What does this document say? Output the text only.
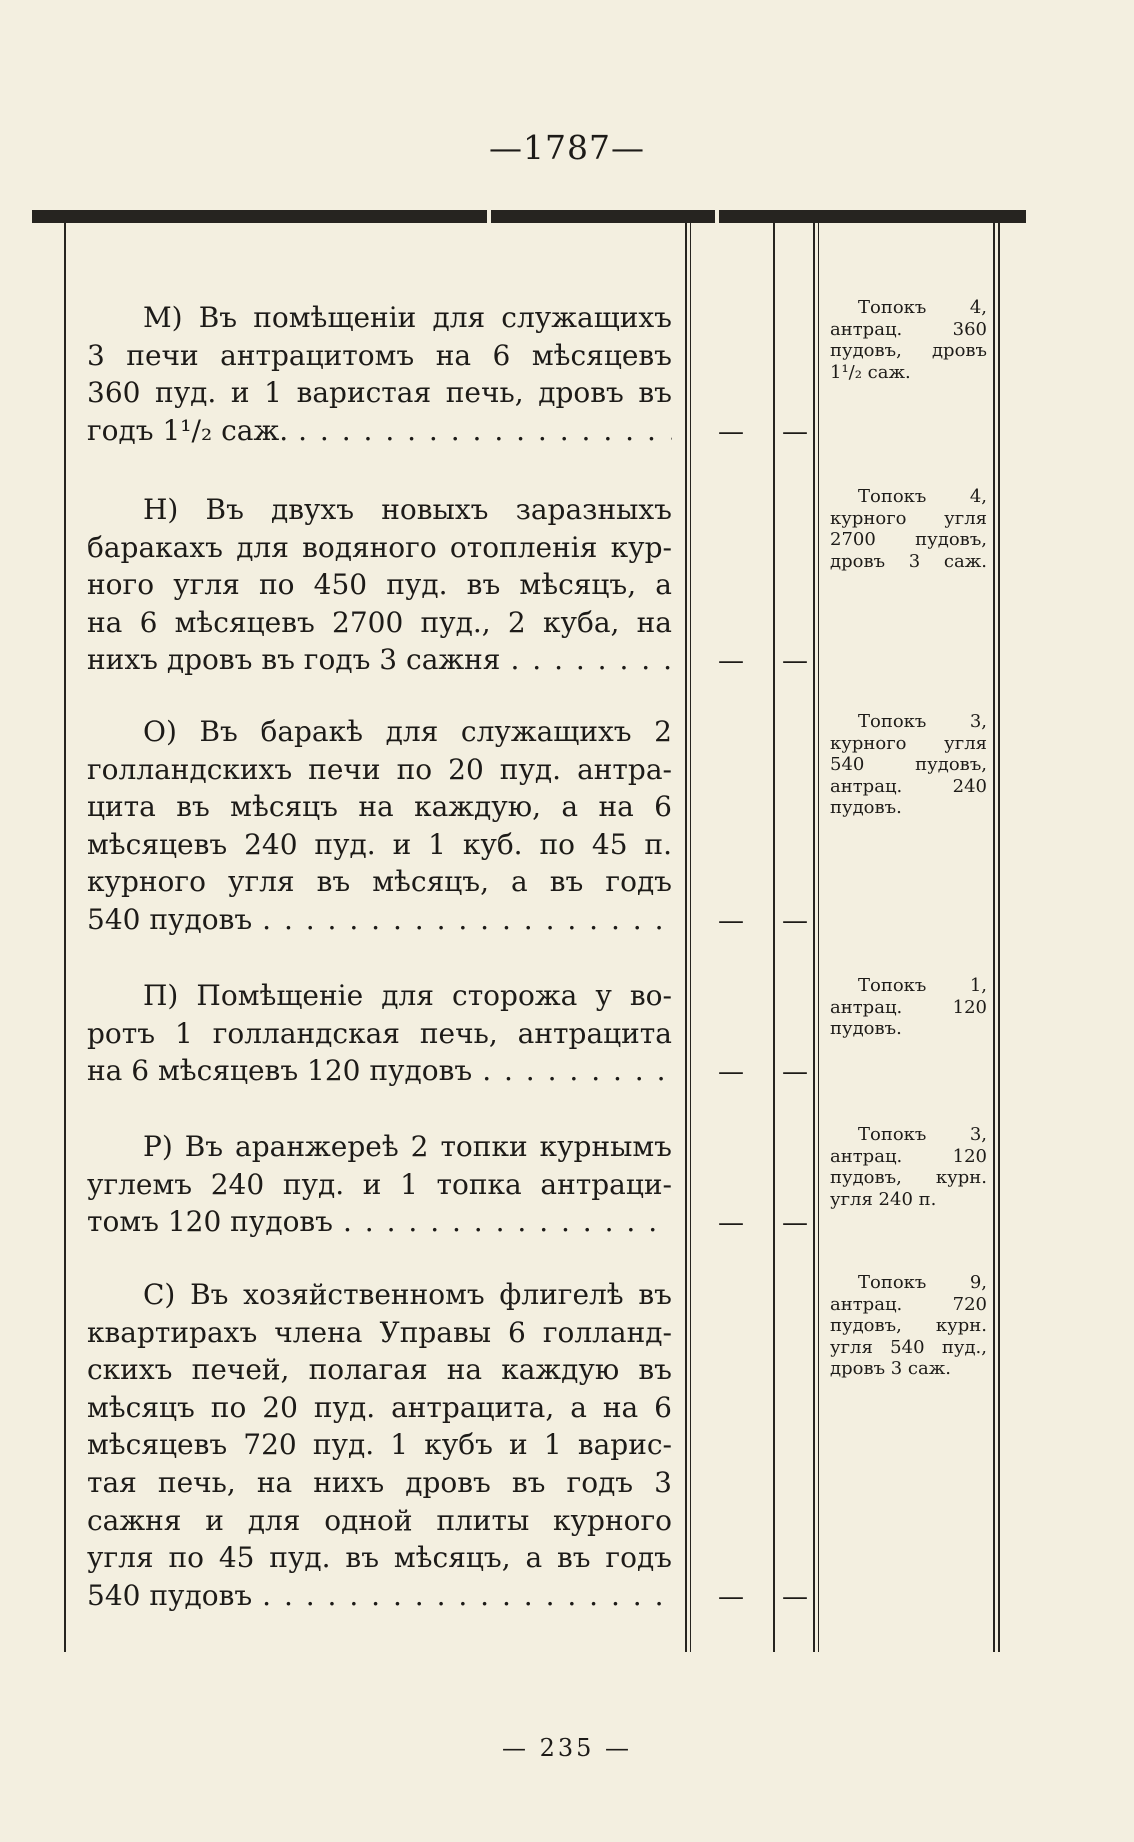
—1787—
М) Въ помѣщеніи для служащихъ
3 печи антрацитомъ на 6 мѣсяцевъ
360 пуд. и 1 варистая печь, дровъ въ
годъ 1¹/₂ саж. . . .	—	—
Топокъ 4,
антрац. 360
пудовъ, дровъ
1¹/₂ саж.
Н) Въ двухъ новыхъ заразныхъ
баракахъ для водяного отопленія кур-
ного угля по 450 пуд. въ мѣсяцъ, а
на 6 мѣсяцевъ 2700 пуд., 2 куба, на
нихъ дровъ въ годъ 3 сажня . . .	—	—
Топокъ 4,
курного угля
2700 пудовъ,
дровъ 3 саж.
О) Въ баракѣ для служащихъ 2
голландскихъ печи по 20 пуд. антра-
цита въ мѣсяцъ на каждую, а на 6
мѣсяцевъ 240 пуд. и 1 куб. по 45 п.
курного угля въ мѣсяцъ, а въ годъ
540 пудовъ . . .	—	—
Топокъ 3,
курного угля
540 пудовъ,
антрац. 240
пудовъ.
П) Помѣщеніе для сторожа у во-
ротъ 1 голландская печь, антрацита
на 6 мѣсяцевъ 120 пудовъ . . .	—	—
Топокъ 1,
антрац. 120
пудовъ.
Р) Въ аранжереѣ 2 топки курнымъ
углемъ 240 пуд. и 1 топка антраци-
томъ 120 пудовъ . . .	—	—
Топокъ 3,
антрац. 120
пудовъ, курн.
угля 240 п.
С) Въ хозяйственномъ флигелѣ въ
квартирахъ члена Управы 6 голланд-
скихъ печей, полагая на каждую въ
мѣсяцъ по 20 пуд. антрацита, а на 6
мѣсяцевъ 720 пуд. 1 кубъ и 1 варис-
тая печь, на нихъ дровъ въ годъ 3
сажня и для одной плиты курного
угля по 45 пуд. въ мѣсяцъ, а въ годъ
540 пудовъ . . .	—	—
Топокъ 9,
антрац. 720
пудовъ, курн.
угля 540 пуд.,
дровъ 3 саж.
— 235 —
